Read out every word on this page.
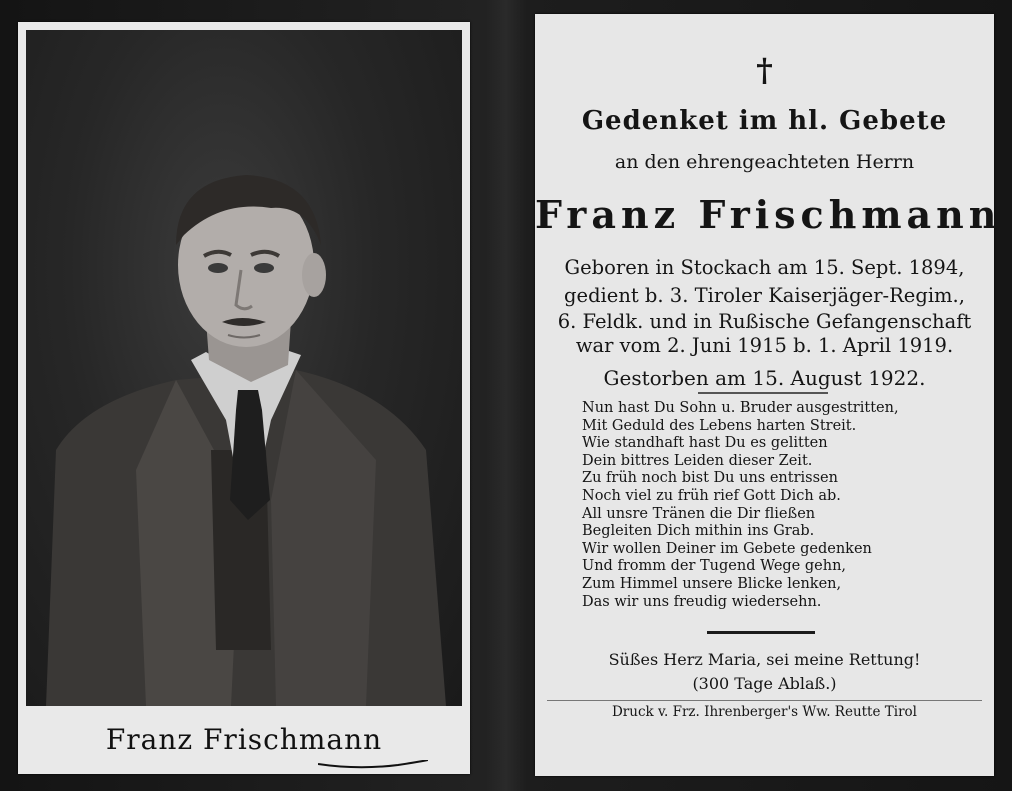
Franz Frischmann
†
Gedenket im hl. Gebete
an den ehrengeachteten Herrn
Franz Frischmann
Geboren in Stockach am 15. Sept. 1894,
gedient b. 3. Tiroler Kaiserjäger-Regim.,
6. Feldk. und in Rußische Gefangenschaft
war vom 2. Juni 1915 b. 1. April 1919.
Gestorben am 15. August 1922.
Nun hast Du Sohn u. Bruder ausgestritten,
Mit Geduld des Lebens harten Streit.
Wie standhaft hast Du es gelitten
Dein bittres Leiden dieser Zeit.
Zu früh noch bist Du uns entrissen
Noch viel zu früh rief Gott Dich ab.
All unsre Tränen die Dir fließen
Begleiten Dich mithin ins Grab.
Wir wollen Deiner im Gebete gedenken
Und fromm der Tugend Wege gehn,
Zum Himmel unsere Blicke lenken,
Das wir uns freudig wiedersehn.
Süßes Herz Maria, sei meine Rettung!
(300 Tage Ablaß.)
Druck v. Frz. Ihrenberger's Ww. Reutte Tirol
